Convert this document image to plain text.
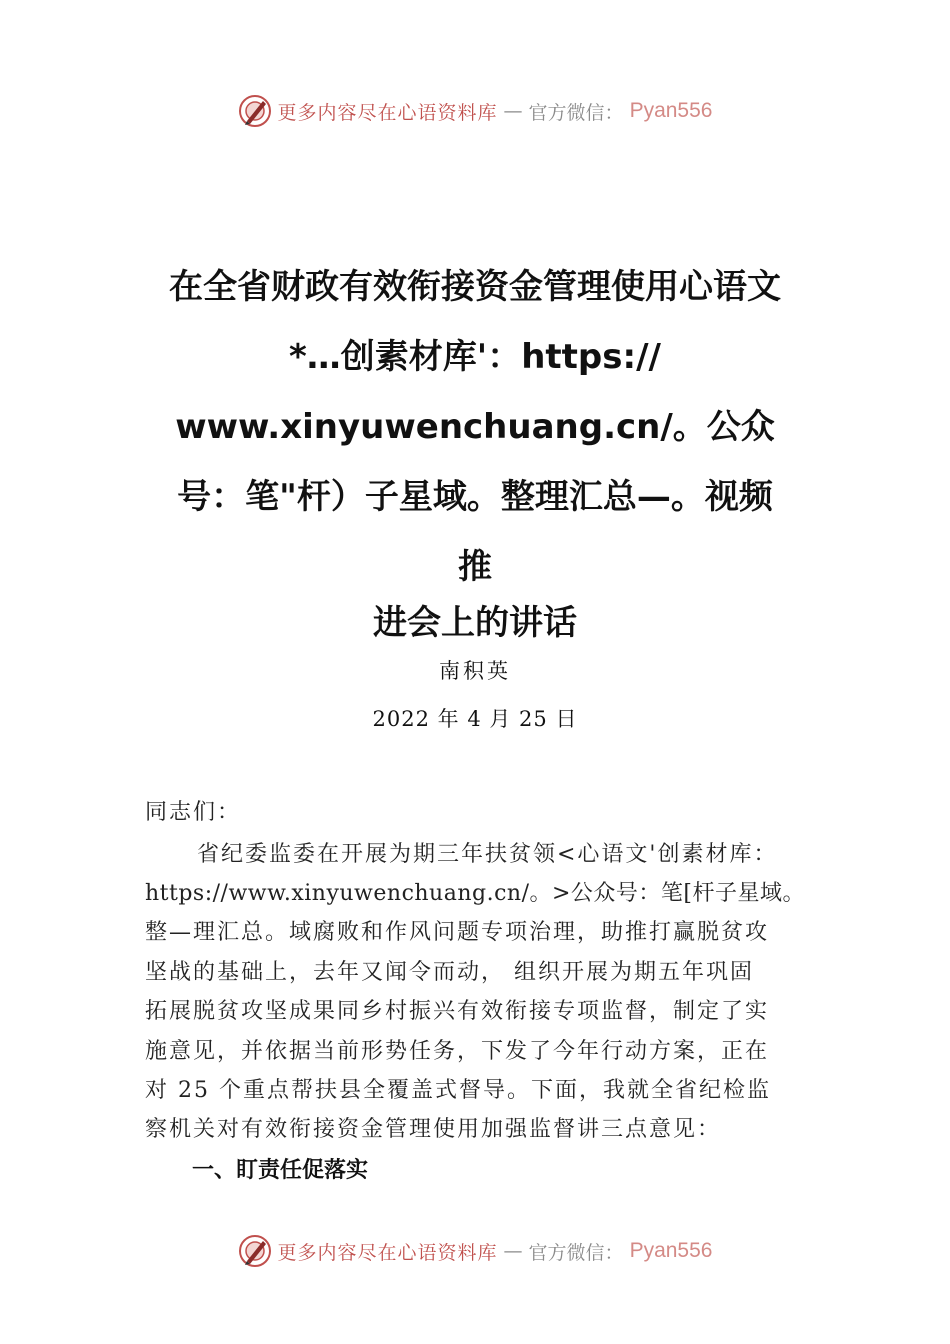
更多内容尽在心语资料库 — 官方微信： Pyan556
在全省财政有效衔接资金管理使用心语文
*…创素材库'：https://
www.xinyuwenchuang.cn/。公众
号：笔"杆）子星域。整理汇总—。视频
推
进会上的讲话
南积英
2022 年 4 月 25 日
同志们：
省纪委监委在开展为期三年扶贫领<心语文'创素材库：
https://www.xinyuwenchuang.cn/。>公众号：笔[杆子星域。
整—理汇总。域腐败和作风问题专项治理，助推打赢脱贫攻
坚战的基础上，去年又闻令而动， 组织开展为期五年巩固
拓展脱贫攻坚成果同乡村振兴有效衔接专项监督，制定了实
施意见，并依据当前形势任务，下发了今年行动方案，正在
对 25 个重点帮扶县全覆盖式督导。下面，我就全省纪检监
察机关对有效衔接资金管理使用加强监督讲三点意见：
一、盯责任促落实
更多内容尽在心语资料库 — 官方微信： Pyan556
